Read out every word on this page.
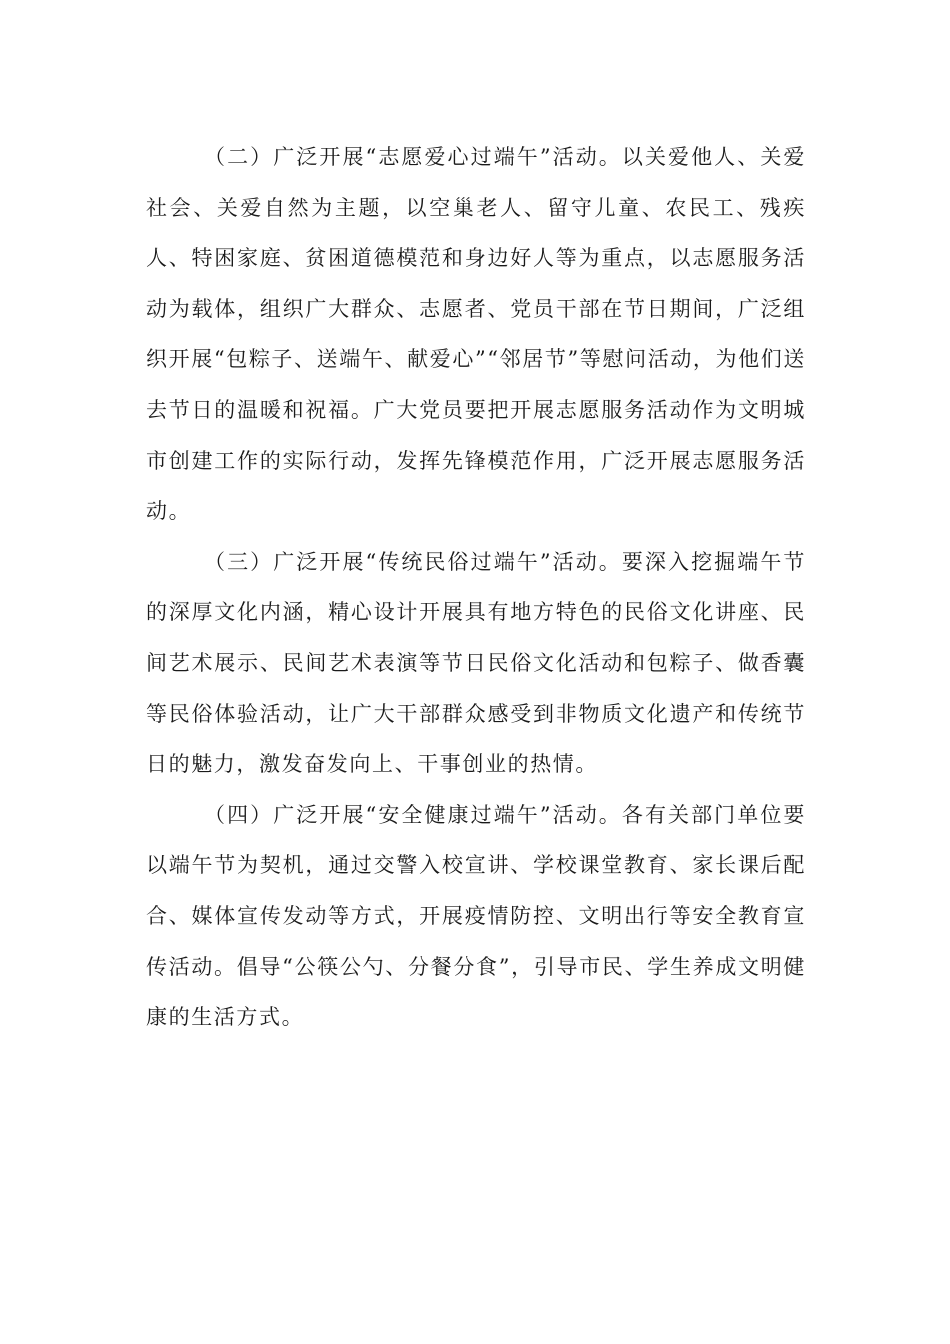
（二）广泛开展“志愿爱心过端午”活动。以关爱他人、关爱社会、关爱自然为主题，以空巢老人、留守儿童、农民工、残疾人、特困家庭、贫困道德模范和身边好人等为重点，以志愿服务活动为载体，组织广大群众、志愿者、党员干部在节日期间，广泛组织开展“包粽子、送端午、献爱心”“邻居节”等慰问活动，为他们送去节日的温暖和祝福。广大党员要把开展志愿服务活动作为文明城市创建工作的实际行动，发挥先锋模范作用，广泛开展志愿服务活动。

（三）广泛开展“传统民俗过端午”活动。要深入挖掘端午节的深厚文化内涵，精心设计开展具有地方特色的民俗文化讲座、民间艺术展示、民间艺术表演等节日民俗文化活动和包粽子、做香囊等民俗体验活动，让广大干部群众感受到非物质文化遗产和传统节日的魅力，激发奋发向上、干事创业的热情。

（四）广泛开展“安全健康过端午”活动。各有关部门单位要以端午节为契机，通过交警入校宣讲、学校课堂教育、家长课后配合、媒体宣传发动等方式，开展疫情防控、文明出行等安全教育宣传活动。倡导“公筷公勺、分餐分食”，引导市民、学生养成文明健康的生活方式。
